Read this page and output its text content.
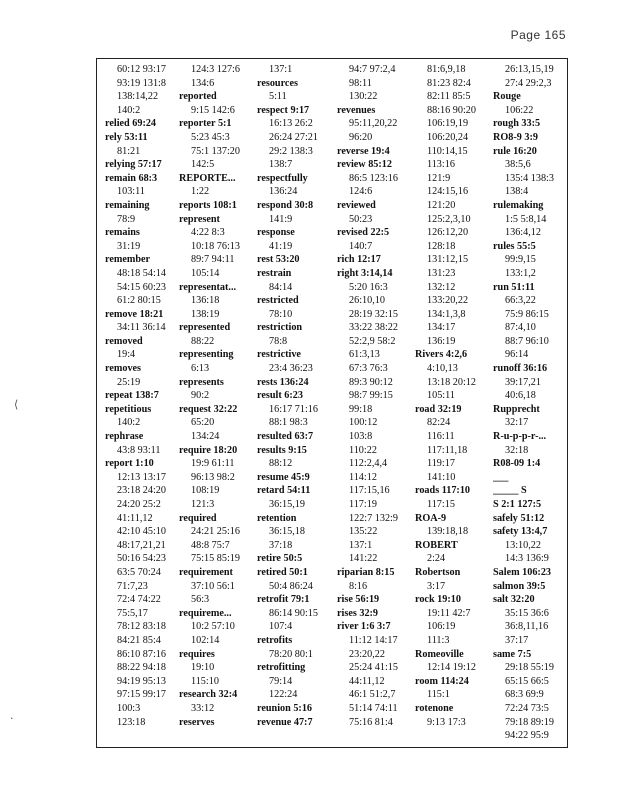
Page 165
⟨
·
60:12 93:17
93:19 131:8
138:14,22
140:2
relied 69:24
rely 53:11
81:21
relying 57:17
remain 68:3
103:11
remaining
78:9
remains
31:19
remember
48:18 54:14
54:15 60:23
61:2 80:15
remove 18:21
34:11 36:14
removed
19:4
removes
25:19
repeat 138:7
repetitious
140:2
rephrase
43:8 93:11
report 1:10
12:13 13:17
23:18 24:20
24:20 25:2
41:11,12
42:10 45:10
48:17,21,21
50:16 54:23
63:5 70:24
71:7,23
72:4 74:22
75:5,17
78:12 83:18
84:21 85:4
86:10 87:16
88:22 94:18
94:19 95:13
97:15 99:17
100:3
123:18
124:3 127:6
134:6
reported
9:15 142:6
reporter 5:1
5:23 45:3
75:1 137:20
142:5
REPORTE...
1:22
reports 108:1
represent
4:22 8:3
10:18 76:13
89:7 94:11
105:14
representat...
136:18
138:19
represented
88:22
representing
6:13
represents
90:2
request 32:22
65:20
134:24
require 18:20
19:9 61:11
96:13 98:2
108:19
121:3
required
24:21 25:16
48:8 75:7
75:15 85:19
requirement
37:10 56:1
56:3
requireme...
10:2 57:10
102:14
requires
19:10
115:10
research 32:4
33:12
reserves
137:1
resources
5:11
respect 9:17
16:13 26:2
26:24 27:21
29:2 138:3
138:7
respectfully
136:24
respond 30:8
141:9
response
41:19
rest 53:20
restrain
84:14
restricted
78:10
restriction
78:8
restrictive
23:4 36:23
rests 136:24
result 6:23
16:17 71:16
88:1 98:3
resulted 63:7
results 9:15
88:12
resume 45:9
retard 54:11
36:15,19
retention
36:15,18
37:18
retire 50:5
retired 50:1
50:4 86:24
retrofit 79:1
86:14 90:15
107:4
retrofits
78:20 80:1
retrofitting
79:14
122:24
reunion 5:16
revenue 47:7
94:7 97:2,4
98:11
130:22
revenues
95:11,20,22
96:20
reverse 19:4
review 85:12
86:5 123:16
124:6
reviewed
50:23
revised 22:5
140:7
rich 12:17
right 3:14,14
5:20 16:3
26:10,10
28:19 32:15
33:22 38:22
52:2,9 58:2
61:3,13
67:3 76:3
89:3 90:12
98:7 99:15
99:18
100:12
103:8
110:22
112:2,4,4
114:12
117:15,16
117:19
122:7 132:9
135:22
137:1
141:22
riparian 8:15
8:16
rise 56:19
rises 32:9
river 1:6 3:7
11:12 14:17
23:20,22
25:24 41:15
44:11,12
46:1 51:2,7
51:14 74:11
75:16 81:4
81:6,9,18
81:23 82:4
82:11 85:5
88:16 90:20
106:19,19
106:20,24
110:14,15
113:16
121:9
124:15,16
121:20
125:2,3,10
126:12,20
128:18
131:12,15
131:23
132:12
133:20,22
134:1,3,8
134:17
136:19
Rivers 4:2,6
4:10,13
13:18 20:12
105:11
road 32:19
82:24
116:11
117:11,18
119:17
141:10
roads 117:10
117:15
ROA-9
139:18,18
ROBERT
2:24
Robertson
3:17
rock 19:10
19:11 42:7
106:19
111:3
Romeoville
12:14 19:12
room 114:24
115:1
rotenone
9:13 17:3
26:13,15,19
27:4 29:2,3
Rouge
106:22
rough 33:5
RO8-9 3:9
rule 16:20
38:5,6
135:4 138:3
138:4
rulemaking
1:5 5:8,14
136:4,12
rules 55:5
99:9,15
133:1,2
run 51:11
66:3,22
75:9 86:15
87:4,10
88:7 96:10
96:14
runoff 36:16
39:17,21
40:6,18
Rupprecht
32:17
R-u-p-p-r-...
32:18
R08-09 1:4
___
_____ S
S 2:1 127:5
safely 51:12
safety 13:4,7
13:10,22
14:3 136:9
Salem 106:23
salmon 39:5
salt 32:20
35:15 36:6
36:8,11,16
37:17
same 7:5
29:18 55:19
65:15 66:5
68:3 69:9
72:24 73:5
79:18 89:19
94:22 95:9
